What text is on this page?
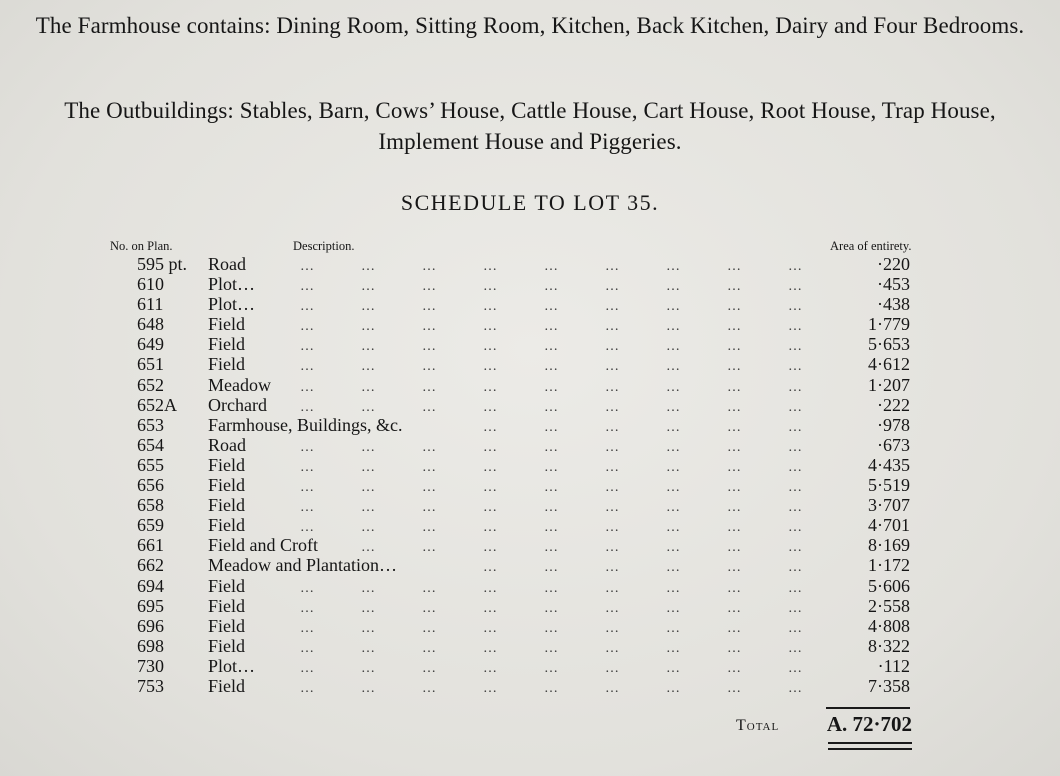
The Farmhouse contains: Dining Room, Sitting Room, Kitchen, Back Kitchen, Dairy and Four Bedrooms.
The Outbuildings: Stables, Barn, Cows’ House, Cattle House, Cart House, Root House, Trap House, Implement House and Piggeries.
SCHEDULE TO LOT 35.
No. on Plan.	Description.	Area of entirety.
595 pt. Road	…	…	…	…	…	…	…	…	…	·220
610 Plot…	…	…	…	…	…	…	…	…	…	·453
611 Plot…	…	…	…	…	…	…	…	…	…	·438
648 Field	…	…	…	…	…	…	…	…	…	1·779
649 Field	…	…	…	…	…	…	…	…	…	5·653
651 Field	…	…	…	…	…	…	…	…	…	4·612
652 Meadow …	…	…	…	…	…	…	…	…	1·207
652A Orchard …	…	…	…	…	…	…	…	…	·222
653 Farmhouse, Buildings, &c.	…	…	…	…	…	…	·978
654 Road	…	…	…	…	…	…	…	…	…	·673
655 Field	…	…	…	…	…	…	…	…	…	4·435
656 Field	…	…	…	…	…	…	…	…	…	5·519
658 Field	…	…	…	…	…	…	…	…	…	3·707
659 Field	…	…	…	…	…	…	…	…	…	4·701
661 Field and Croft	…	…	…	…	…	…	…	…	8·169
662 Meadow and Plantation…	…	…	…	…	…	…	1·172
694 Field	…	…	…	…	…	…	…	…	…	5·606
695 Field	…	…	…	…	…	…	…	…	…	2·558
696 Field	…	…	…	…	…	…	…	…	…	4·808
698 Field	…	…	…	…	…	…	…	…	…	8·322
730 Plot…	…	…	…	…	…	…	…	…	…	·112
753 Field	…	…	…	…	…	…	…	…	…	7·358
Total A. 72·702
